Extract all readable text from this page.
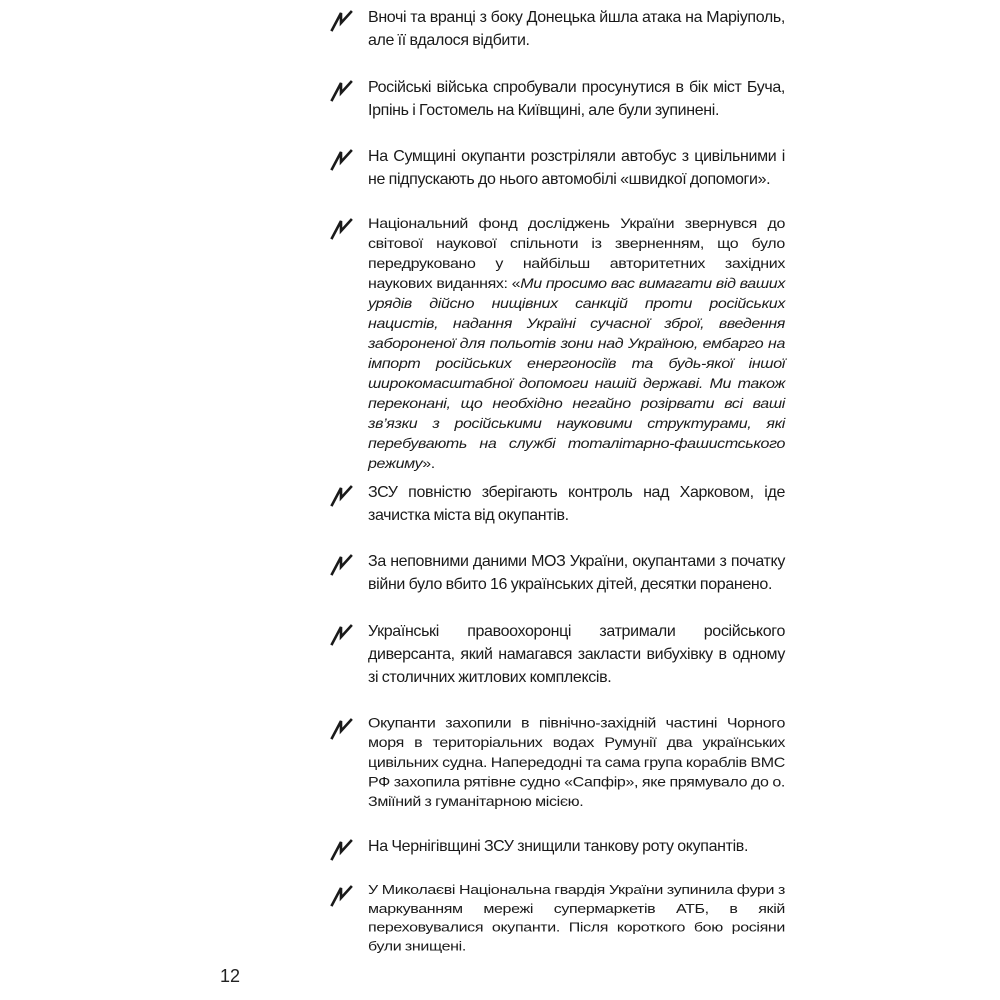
Вночі та вранці з боку Донецька йшла атака на Маріуполь, але її вдалося відбити.
Російські війська спробували просунутися в бік міст Буча, Ірпінь і Гостомель на Київщині, але були зупинені.
На Сумщині окупанти розстріляли автобус з цивільними і не підпускають до нього автомобілі «швидкої допомоги».
Національний фонд досліджень України звернувся до світової наукової спільноти із зверненням, що було передруковано у найбільш авторитетних західних наукових виданнях: «Ми просимо вас вимагати від ваших урядів дійсно нищівних санкцій проти російських нацистів, надання Україні сучасної зброї, введення забороненої для польотів зони над Україною, ембарго на імпорт російських енергоносіїв та будь-якої іншої широкомасштабної допомоги нашій державі. Ми також переконані, що необхідно негайно розірвати всі ваші зв’язки з російськими науковими структурами, які перебувають на службі тоталітарно-фашистського режиму».
ЗСУ повністю зберігають контроль над Харковом, іде зачистка міста від окупантів.
За неповними даними МОЗ України, окупантами з початку війни було вбито 16 українських дітей, десятки поранено.
Українські правоохоронці затримали російського диверсанта, який намагався закласти вибухівку в одному зі столичних житлових комплексів.
Окупанти захопили в північно-західній частині Чорного моря в територіальних водах Румунії два українських цивільних судна. Напередодні та сама група кораблів ВМС РФ захопила рятівне судно «Сапфір», яке прямувало до о. Зміїний з гуманітарною місією.
На Чернігівщині ЗСУ знищили танкову роту окупантів.
У Миколаєві Національна гвардія України зупинила фури з маркуванням мережі супермаркетів АТБ, в якій переховувалися окупанти. Після короткого бою росіяни були знищені.
12
